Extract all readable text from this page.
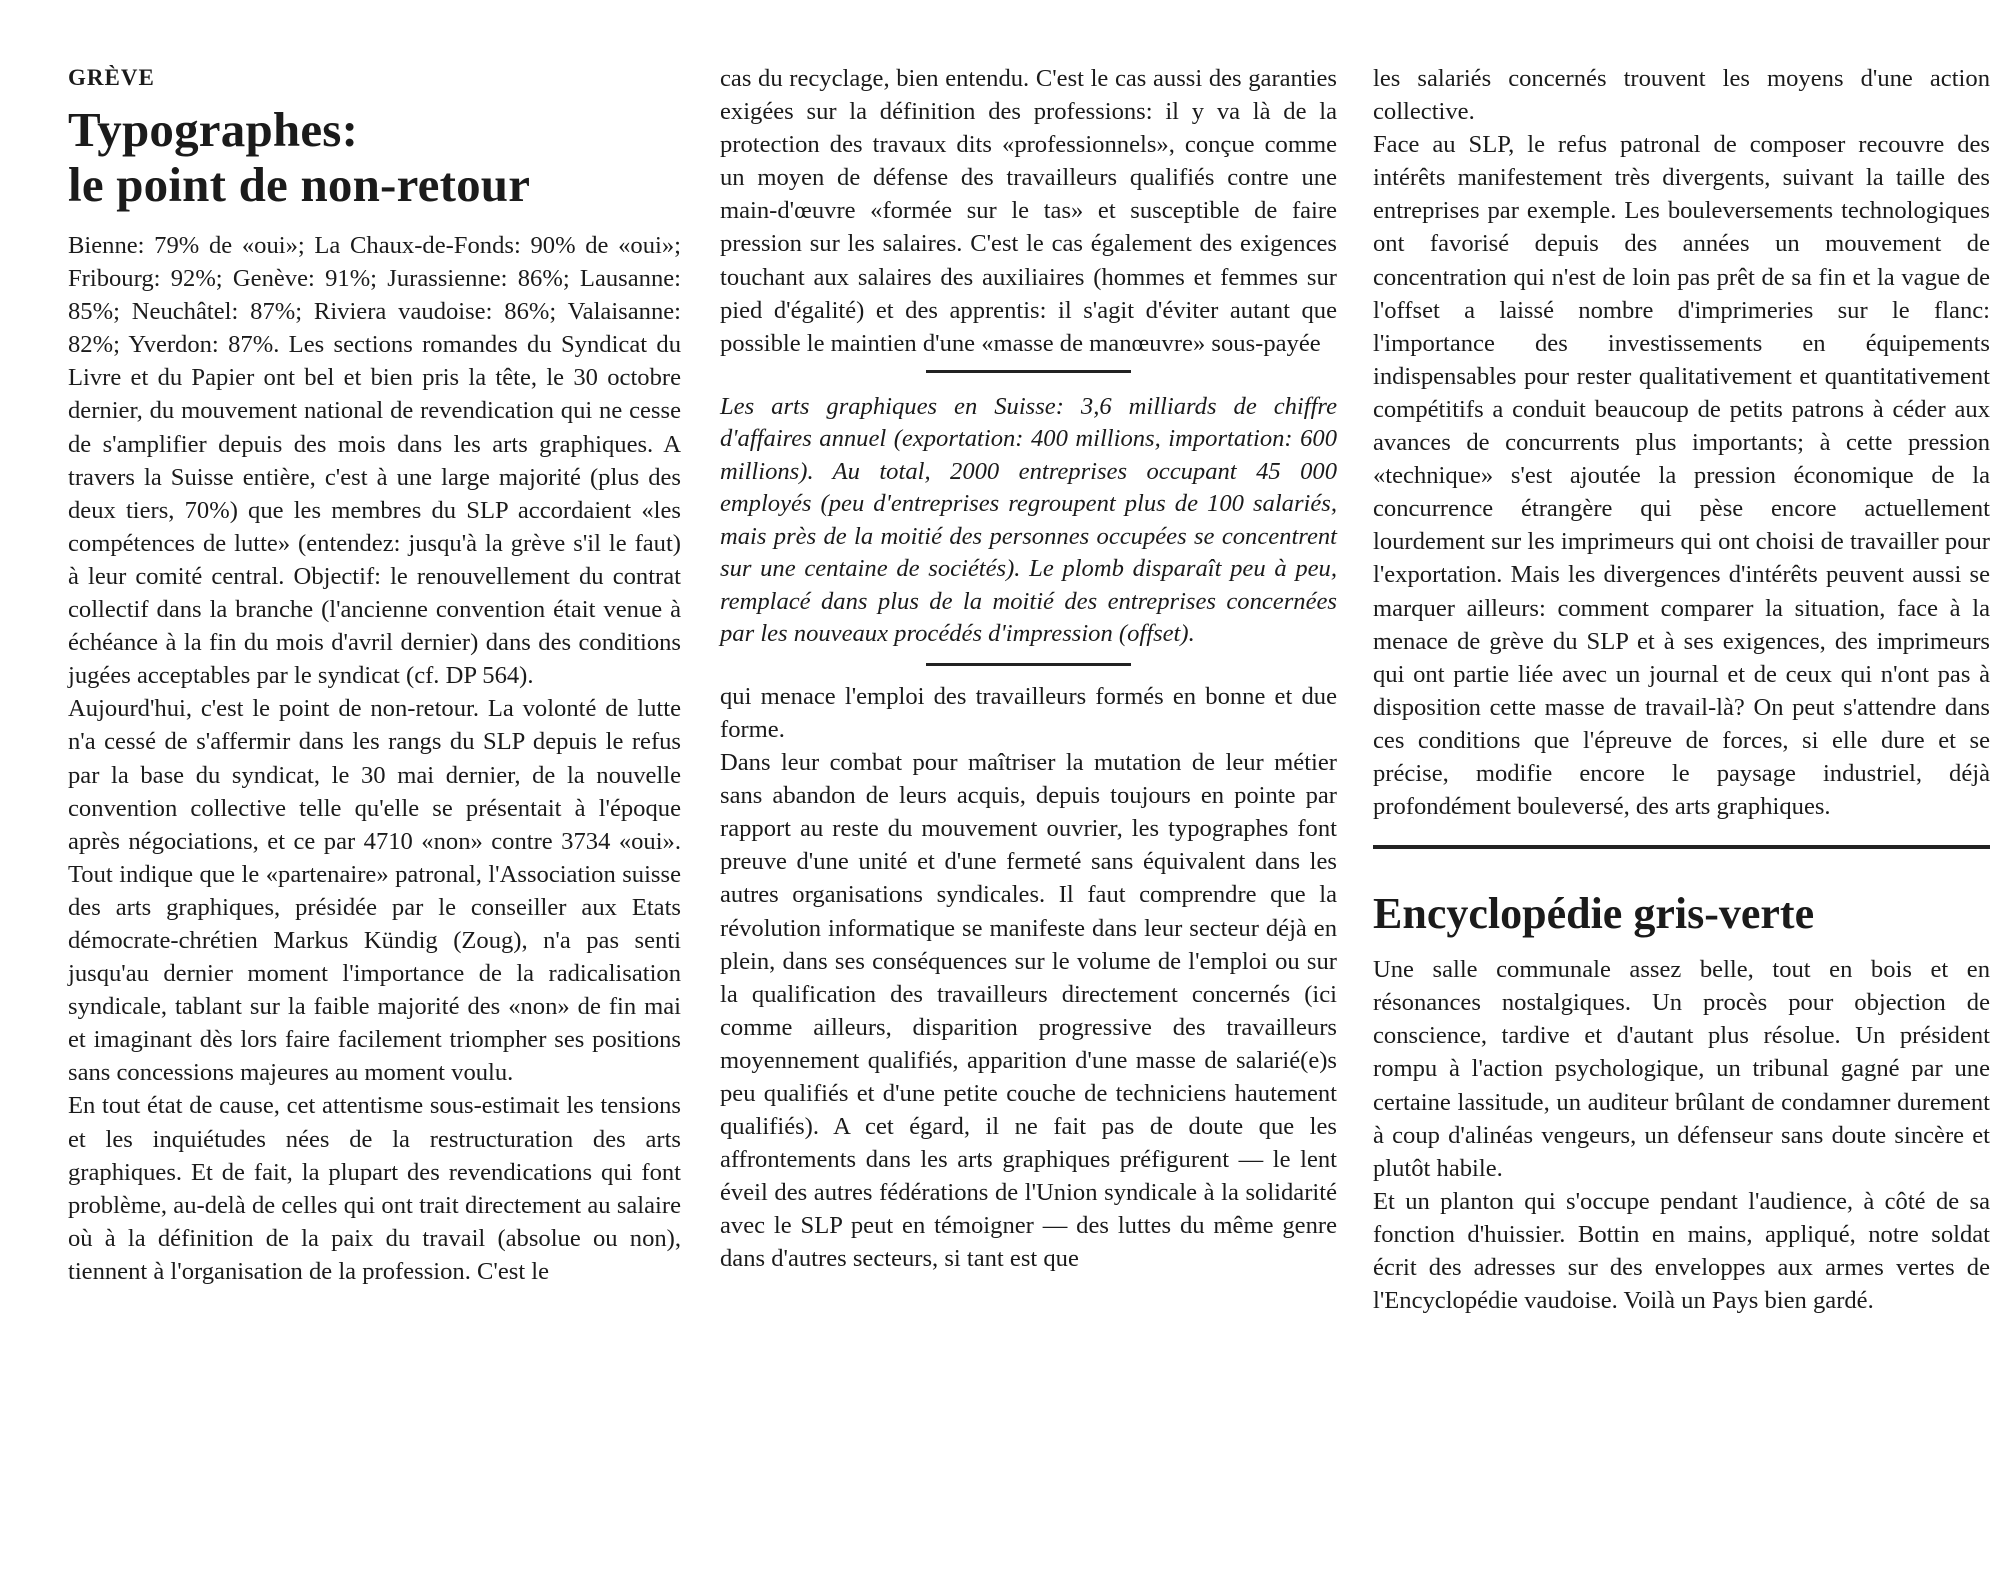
GRÈVE
Typographes:
le point de non-retour

Bienne: 79% de «oui»; La Chaux-de-Fonds: 90% de «oui»; Fribourg: 92%; Genève: 91%; Jurassienne: 86%; Lausanne: 85%; Neuchâtel: 87%; Riviera vaudoise: 86%; Valaisanne: 82%; Yverdon: 87%. Les sections romandes du Syndicat du Livre et du Papier ont bel et bien pris la tête, le 30 octobre dernier, du mouvement national de revendication qui ne cesse de s'amplifier depuis des mois dans les arts graphiques. A travers la Suisse entière, c'est à une large majorité (plus des deux tiers, 70%) que les membres du SLP accordaient «les compétences de lutte» (entendez: jusqu'à la grève s'il le faut) à leur comité central. Objectif: le renouvellement du contrat collectif dans la branche (l'ancienne convention était venue à échéance à la fin du mois d'avril dernier) dans des conditions jugées acceptables par le syndicat (cf. DP 564).

Aujourd'hui, c'est le point de non-retour. La volonté de lutte n'a cessé de s'affermir dans les rangs du SLP depuis le refus par la base du syndicat, le 30 mai dernier, de la nouvelle convention collective telle qu'elle se présentait à l'époque après négociations, et ce par 4710 «non» contre 3734 «oui». Tout indique que le «partenaire» patronal, l'Association suisse des arts graphiques, présidée par le conseiller aux Etats démocrate-chrétien Markus Kündig (Zoug), n'a pas senti jusqu'au dernier moment l'importance de la radicalisation syndicale, tablant sur la faible majorité des «non» de fin mai et imaginant dès lors faire facilement triompher ses positions sans concessions majeures au moment voulu.

En tout état de cause, cet attentisme sous-estimait les tensions et les inquiétudes nées de la restructuration des arts graphiques. Et de fait, la plupart des revendications qui font problème, au-delà de celles qui ont trait directement au salaire où à la définition de la paix du travail (absolue ou non), tiennent à l'organisation de la profession. C'est le

cas du recyclage, bien entendu. C'est le cas aussi des garanties exigées sur la définition des professions: il y va là de la protection des travaux dits «professionnels», conçue comme un moyen de défense des travailleurs qualifiés contre une main-d'œuvre «formée sur le tas» et susceptible de faire pression sur les salaires. C'est le cas également des exigences touchant aux salaires des auxiliaires (hommes et femmes sur pied d'égalité) et des apprentis: il s'agit d'éviter autant que possible le maintien d'une «masse de manœuvre» sous-payée

Les arts graphiques en Suisse: 3,6 milliards de chiffre d'affaires annuel (exportation: 400 millions, importation: 600 millions). Au total, 2000 entreprises occupant 45 000 employés (peu d'entreprises regroupent plus de 100 salariés, mais près de la moitié des personnes occupées se concentrent sur une centaine de sociétés). Le plomb disparaît peu à peu, remplacé dans plus de la moitié des entreprises concernées par les nouveaux procédés d'impression (offset).

qui menace l'emploi des travailleurs formés en bonne et due forme.

Dans leur combat pour maîtriser la mutation de leur métier sans abandon de leurs acquis, depuis toujours en pointe par rapport au reste du mouvement ouvrier, les typographes font preuve d'une unité et d'une fermeté sans équivalent dans les autres organisations syndicales. Il faut comprendre que la révolution informatique se manifeste dans leur secteur déjà en plein, dans ses conséquences sur le volume de l'emploi ou sur la qualification des travailleurs directement concernés (ici comme ailleurs, disparition progressive des travailleurs moyennement qualifiés, apparition d'une masse de salarié(e)s peu qualifiés et d'une petite couche de techniciens hautement qualifiés). A cet égard, il ne fait pas de doute que les affrontements dans les arts graphiques préfigurent — le lent éveil des autres fédérations de l'Union syndicale à la solidarité avec le SLP peut en témoigner — des luttes du même genre dans d'autres secteurs, si tant est que

les salariés concernés trouvent les moyens d'une action collective.

Face au SLP, le refus patronal de composer recouvre des intérêts manifestement très divergents, suivant la taille des entreprises par exemple. Les bouleversements technologiques ont favorisé depuis des années un mouvement de concentration qui n'est de loin pas prêt de sa fin et la vague de l'offset a laissé nombre d'imprimeries sur le flanc: l'importance des investissements en équipements indispensables pour rester qualitativement et quantitativement compétitifs a conduit beaucoup de petits patrons à céder aux avances de concurrents plus importants; à cette pression «technique» s'est ajoutée la pression économique de la concurrence étrangère qui pèse encore actuellement lourdement sur les imprimeurs qui ont choisi de travailler pour l'exportation. Mais les divergences d'intérêts peuvent aussi se marquer ailleurs: comment comparer la situation, face à la menace de grève du SLP et à ses exigences, des imprimeurs qui ont partie liée avec un journal et de ceux qui n'ont pas à disposition cette masse de travail-là? On peut s'attendre dans ces conditions que l'épreuve de forces, si elle dure et se précise, modifie encore le paysage industriel, déjà profondément bouleversé, des arts graphiques.

Encyclopédie gris-verte

Une salle communale assez belle, tout en bois et en résonances nostalgiques. Un procès pour objection de conscience, tardive et d'autant plus résolue. Un président rompu à l'action psychologique, un tribunal gagné par une certaine lassitude, un auditeur brûlant de condamner durement à coup d'alinéas vengeurs, un défenseur sans doute sincère et plutôt habile.

Et un planton qui s'occupe pendant l'audience, à côté de sa fonction d'huissier. Bottin en mains, appliqué, notre soldat écrit des adresses sur des enveloppes aux armes vertes de l'Encyclopédie vaudoise. Voilà un Pays bien gardé.
